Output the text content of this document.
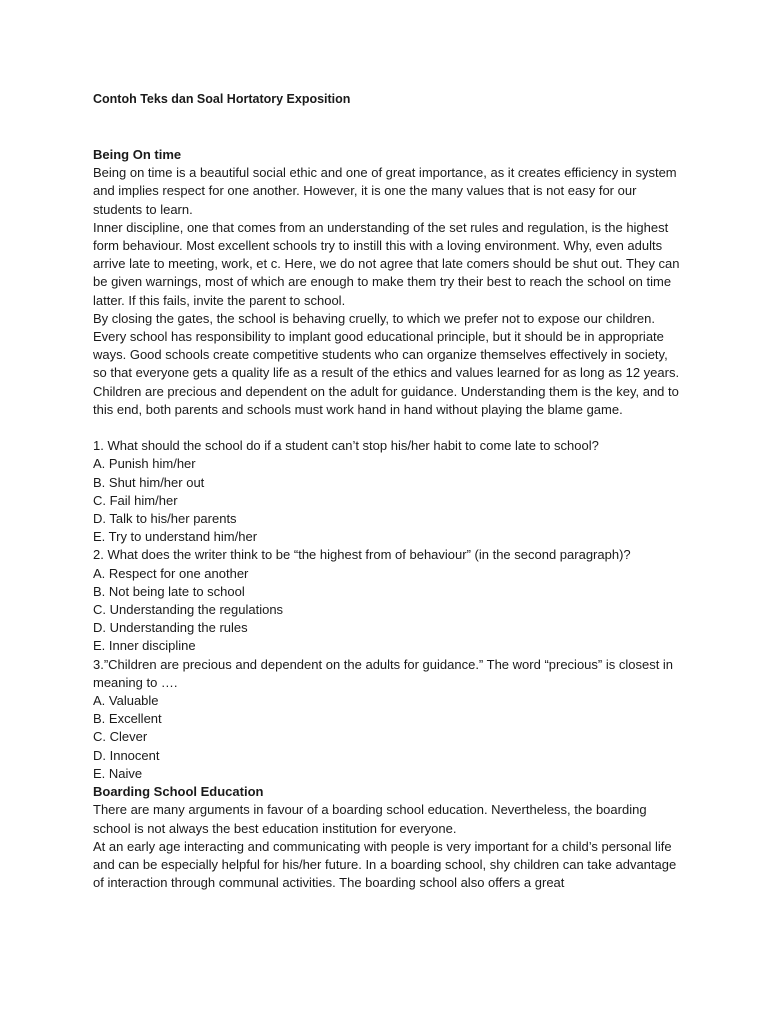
Contoh Teks dan Soal Hortatory Exposition

Being On time

Being on time is a beautiful social ethic and one of great importance, as it creates efficiency in system and implies respect for one another. However, it is one the many values that is not easy for our students to learn.

Inner discipline, one that comes from an understanding of the set rules and regulation, is the highest form behaviour. Most excellent schools try to instill this with a loving environment. Why, even adults arrive late to meeting, work, et c. Here, we do not agree that late comers should be shut out. They can be given warnings, most of which are enough to make them try their best to reach the school on time latter. If this fails, invite the parent to school.

By closing the gates, the school is behaving cruelly, to which we prefer not to expose our children. Every school has responsibility to implant good educational principle, but it should be in appropriate ways. Good schools create competitive students who can organize themselves effectively in society, so that everyone gets a quality life as a result of the ethics and values learned for as long as 12 years.

Children are precious and dependent on the adult for guidance. Understanding them is the key, and to this end, both parents and schools must work hand in hand without playing the blame game.

1. What should the school do if a student can’t stop his/her habit to come late to school?

A. Punish him/her

B. Shut him/her out

C. Fail him/her

D. Talk to his/her parents

E. Try to understand him/her

2. What does the writer think to be “the highest from of behaviour” (in the second paragraph)?

A. Respect for one another

B. Not being late to school

C. Understanding the regulations

D. Understanding the rules

E. Inner discipline

3.”Children are precious and dependent on the adults for guidance.” The word “precious” is closest in meaning to ….

A. Valuable

B. Excellent

C. Clever

D. Innocent

E. Naive

Boarding School Education

There are many arguments in favour of a boarding school education. Nevertheless, the boarding school is not always the best education institution for everyone.

At an early age interacting and communicating with people is very important for a child’s personal life and can be especially helpful for his/her future. In a boarding school, shy children can take advantage of interaction through communal activities. The boarding school also offers a great
